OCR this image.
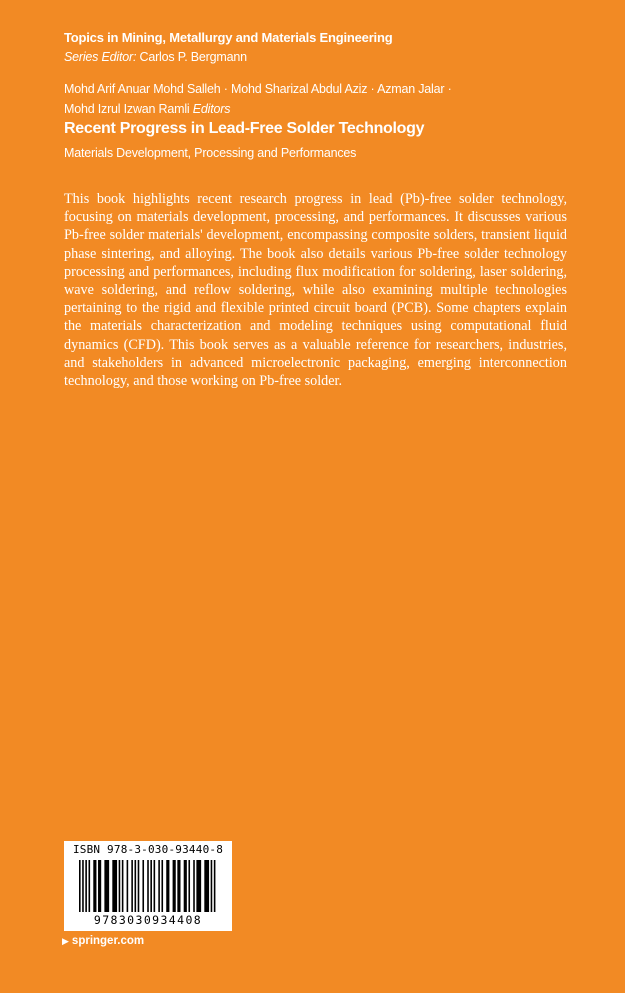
Topics in Mining, Metallurgy and Materials Engineering
Series Editor: Carlos P. Bergmann
Mohd Arif Anuar Mohd Salleh · Mohd Sharizal Abdul Aziz · Azman Jalar ·
Mohd Izrul Izwan Ramli Editors
Recent Progress in Lead-Free Solder Technology
Materials Development, Processing and Performances

This book highlights recent research progress in lead (Pb)-free solder technology, focusing on materials development, processing, and performances. It discusses various Pb-free solder materials' development, encompassing composite solders, transient liquid phase sintering, and alloying. The book also details various Pb-free solder technology processing and performances, including flux modification for soldering, laser soldering, wave soldering, and reflow soldering, while also examining multiple technologies pertaining to the rigid and flexible printed circuit board (PCB). Some chapters explain the materials characterization and modeling techniques using computational fluid dynamics (CFD). This book serves as a valuable reference for researchers, industries, and stakeholders in advanced microelectronic packaging, emerging interconnection technology, and those working on Pb-free solder.

ISBN 978-3-030-93440-8
9783030934408
▶ springer.com
